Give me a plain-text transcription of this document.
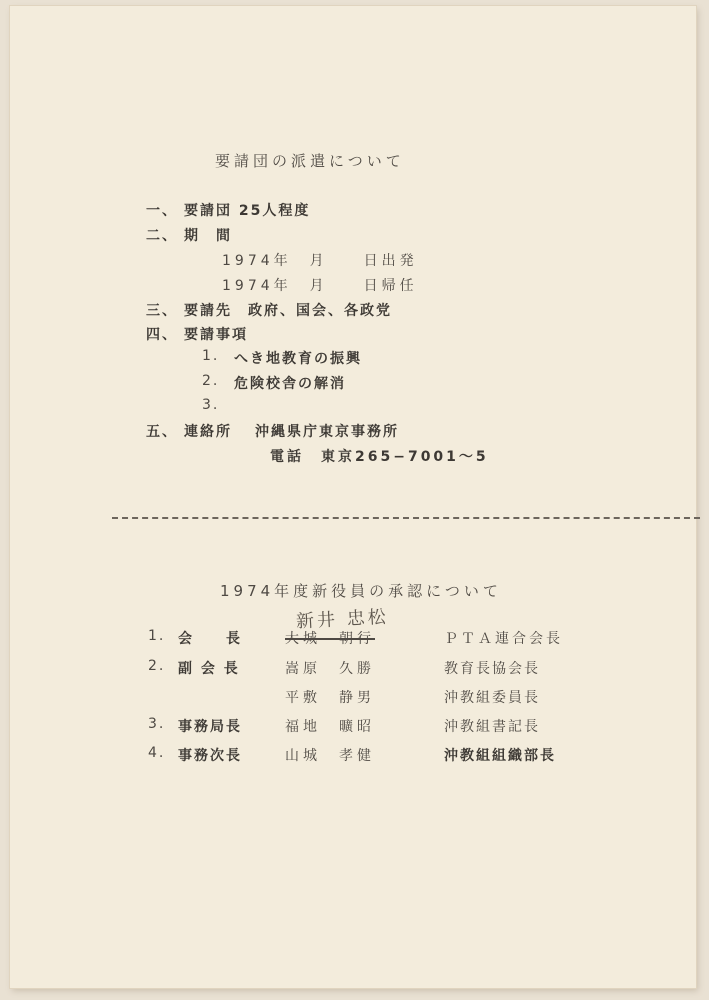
要請団の派遣について
一、 要請団 25人程度
二、 期　間
1974年　月　　日出発
1974年　月　　日帰任
三、 要請先　政府、国会、各政党
四、 要請事項
1. へき地教育の振興
2. 危険校舎の解消
3.
五、 連絡所 沖縄県庁東京事務所
電話　東京265−7001〜5
1974年度新役員の承認について
新井 忠松
1. 会　　長	大城　朝行	ＰＴＡ連合会長
2. 副 会 長	嵩原　久勝	教育長協会長
平敷　静男	沖教組委員長
3. 事務局長	福地　曠昭	沖教組書記長
4. 事務次長	山城　孝健	沖教組組織部長
